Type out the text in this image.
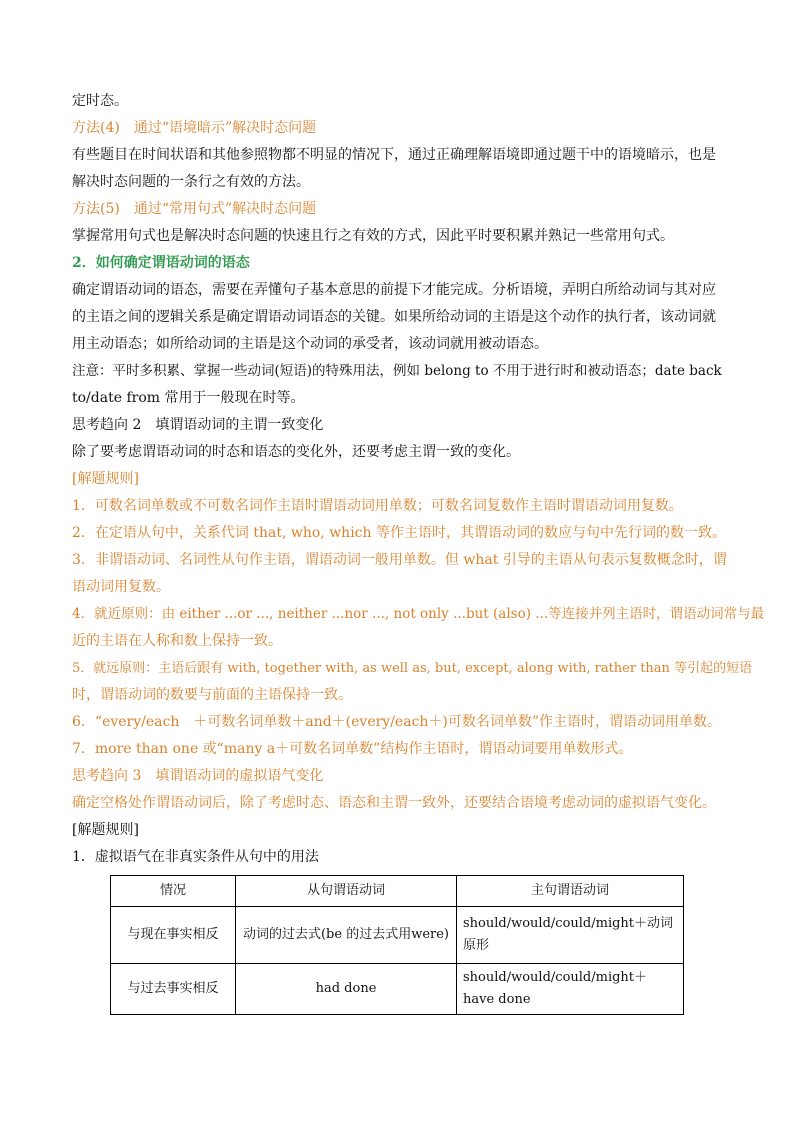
定时态。

方法(4)　通过“语境暗示”解决时态问题

有些题目在时间状语和其他参照物都不明显的情况下，通过正确理解语境即通过题干中的语境暗示，也是

解决时态问题的一条行之有效的方法。

方法(5)　通过“常用句式”解决时态问题

掌握常用句式也是解决时态问题的快速且行之有效的方式，因此平时要积累并熟记一些常用句式。

2．如何确定谓语动词的语态

确定谓语动词的语态，需要在弄懂句子基本意思的前提下才能完成。分析语境，弄明白所给动词与其对应

的主语之间的逻辑关系是确定谓语动词语态的关键。如果所给动词的主语是这个动作的执行者，该动词就

用主动语态；如所给动词的主语是这个动词的承受者，该动词就用被动语态。

注意：平时多积累、掌握一些动词(短语)的特殊用法，例如 belong to 不用于进行时和被动语态；date back

to/date from 常用于一般现在时等。

思考趋向 2　填谓语动词的主谓一致变化

除了要考虑谓语动词的时态和语态的变化外，还要考虑主谓一致的变化。

[解题规则]

1．可数名词单数或不可数名词作主语时谓语动词用单数；可数名词复数作主语时谓语动词用复数。

2．在定语从句中，关系代词 that, who, which 等作主语时，其谓语动词的数应与句中先行词的数一致。

3．非谓语动词、名词性从句作主语，谓语动词一般用单数。但 what 引导的主语从句表示复数概念时，谓

语动词用复数。

4．就近原则：由 either ...or ..., neither ...nor ..., not only ...but (also) ...等连接并列主语时，谓语动词常与最

近的主语在人称和数上保持一致。

5．就远原则：主语后跟有 with, together with, as well as, but, except, along with, rather than 等引起的短语

时，谓语动词的数要与前面的主语保持一致。

6．“every/each　＋可数名词单数＋and＋(every/each＋)可数名词单数”作主语时，谓语动词用单数。

7．more than one 或“many a＋可数名词单数”结构作主语时，谓语动词要用单数形式。

思考趋向 3　填谓语动词的虚拟语气变化

确定空格处作谓语动词后，除了考虑时态、语态和主谓一致外，还要结合语境考虑动词的虚拟语气变化。

[解题规则]

1．虚拟语气在非真实条件从句中的用法

情况	从句谓语动词	主句谓语动词
与现在事实相反	动词的过去式(be 的过去式用were)	should/would/could/might＋动词原形
与过去事实相反	had done	should/would/could/might＋have done
